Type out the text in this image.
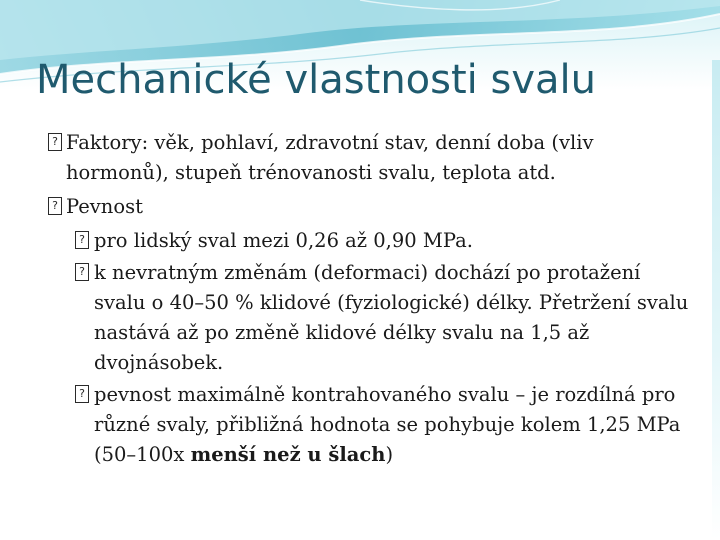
Mechanické vlastnosti svalu
? Faktory: věk, pohlaví, zdravotní stav, denní doba (vliv hormonů), stupeň trénovanosti svalu, teplota atd.
? Pevnost
? pro lidský sval mezi 0,26 až 0,90 MPa.
? k nevratným změnám (deformaci) dochází po protažení svalu o 40–50 % klidové (fyziologické) délky. Přetržení svalu nastává až po změně klidové délky svalu na 1,5 až dvojnásobek.
? pevnost maximálně kontrahovaného svalu – je rozdílná pro různé svaly, přibližná hodnota se pohybuje kolem 1,25 MPa (50–100x menší než u šlach)
